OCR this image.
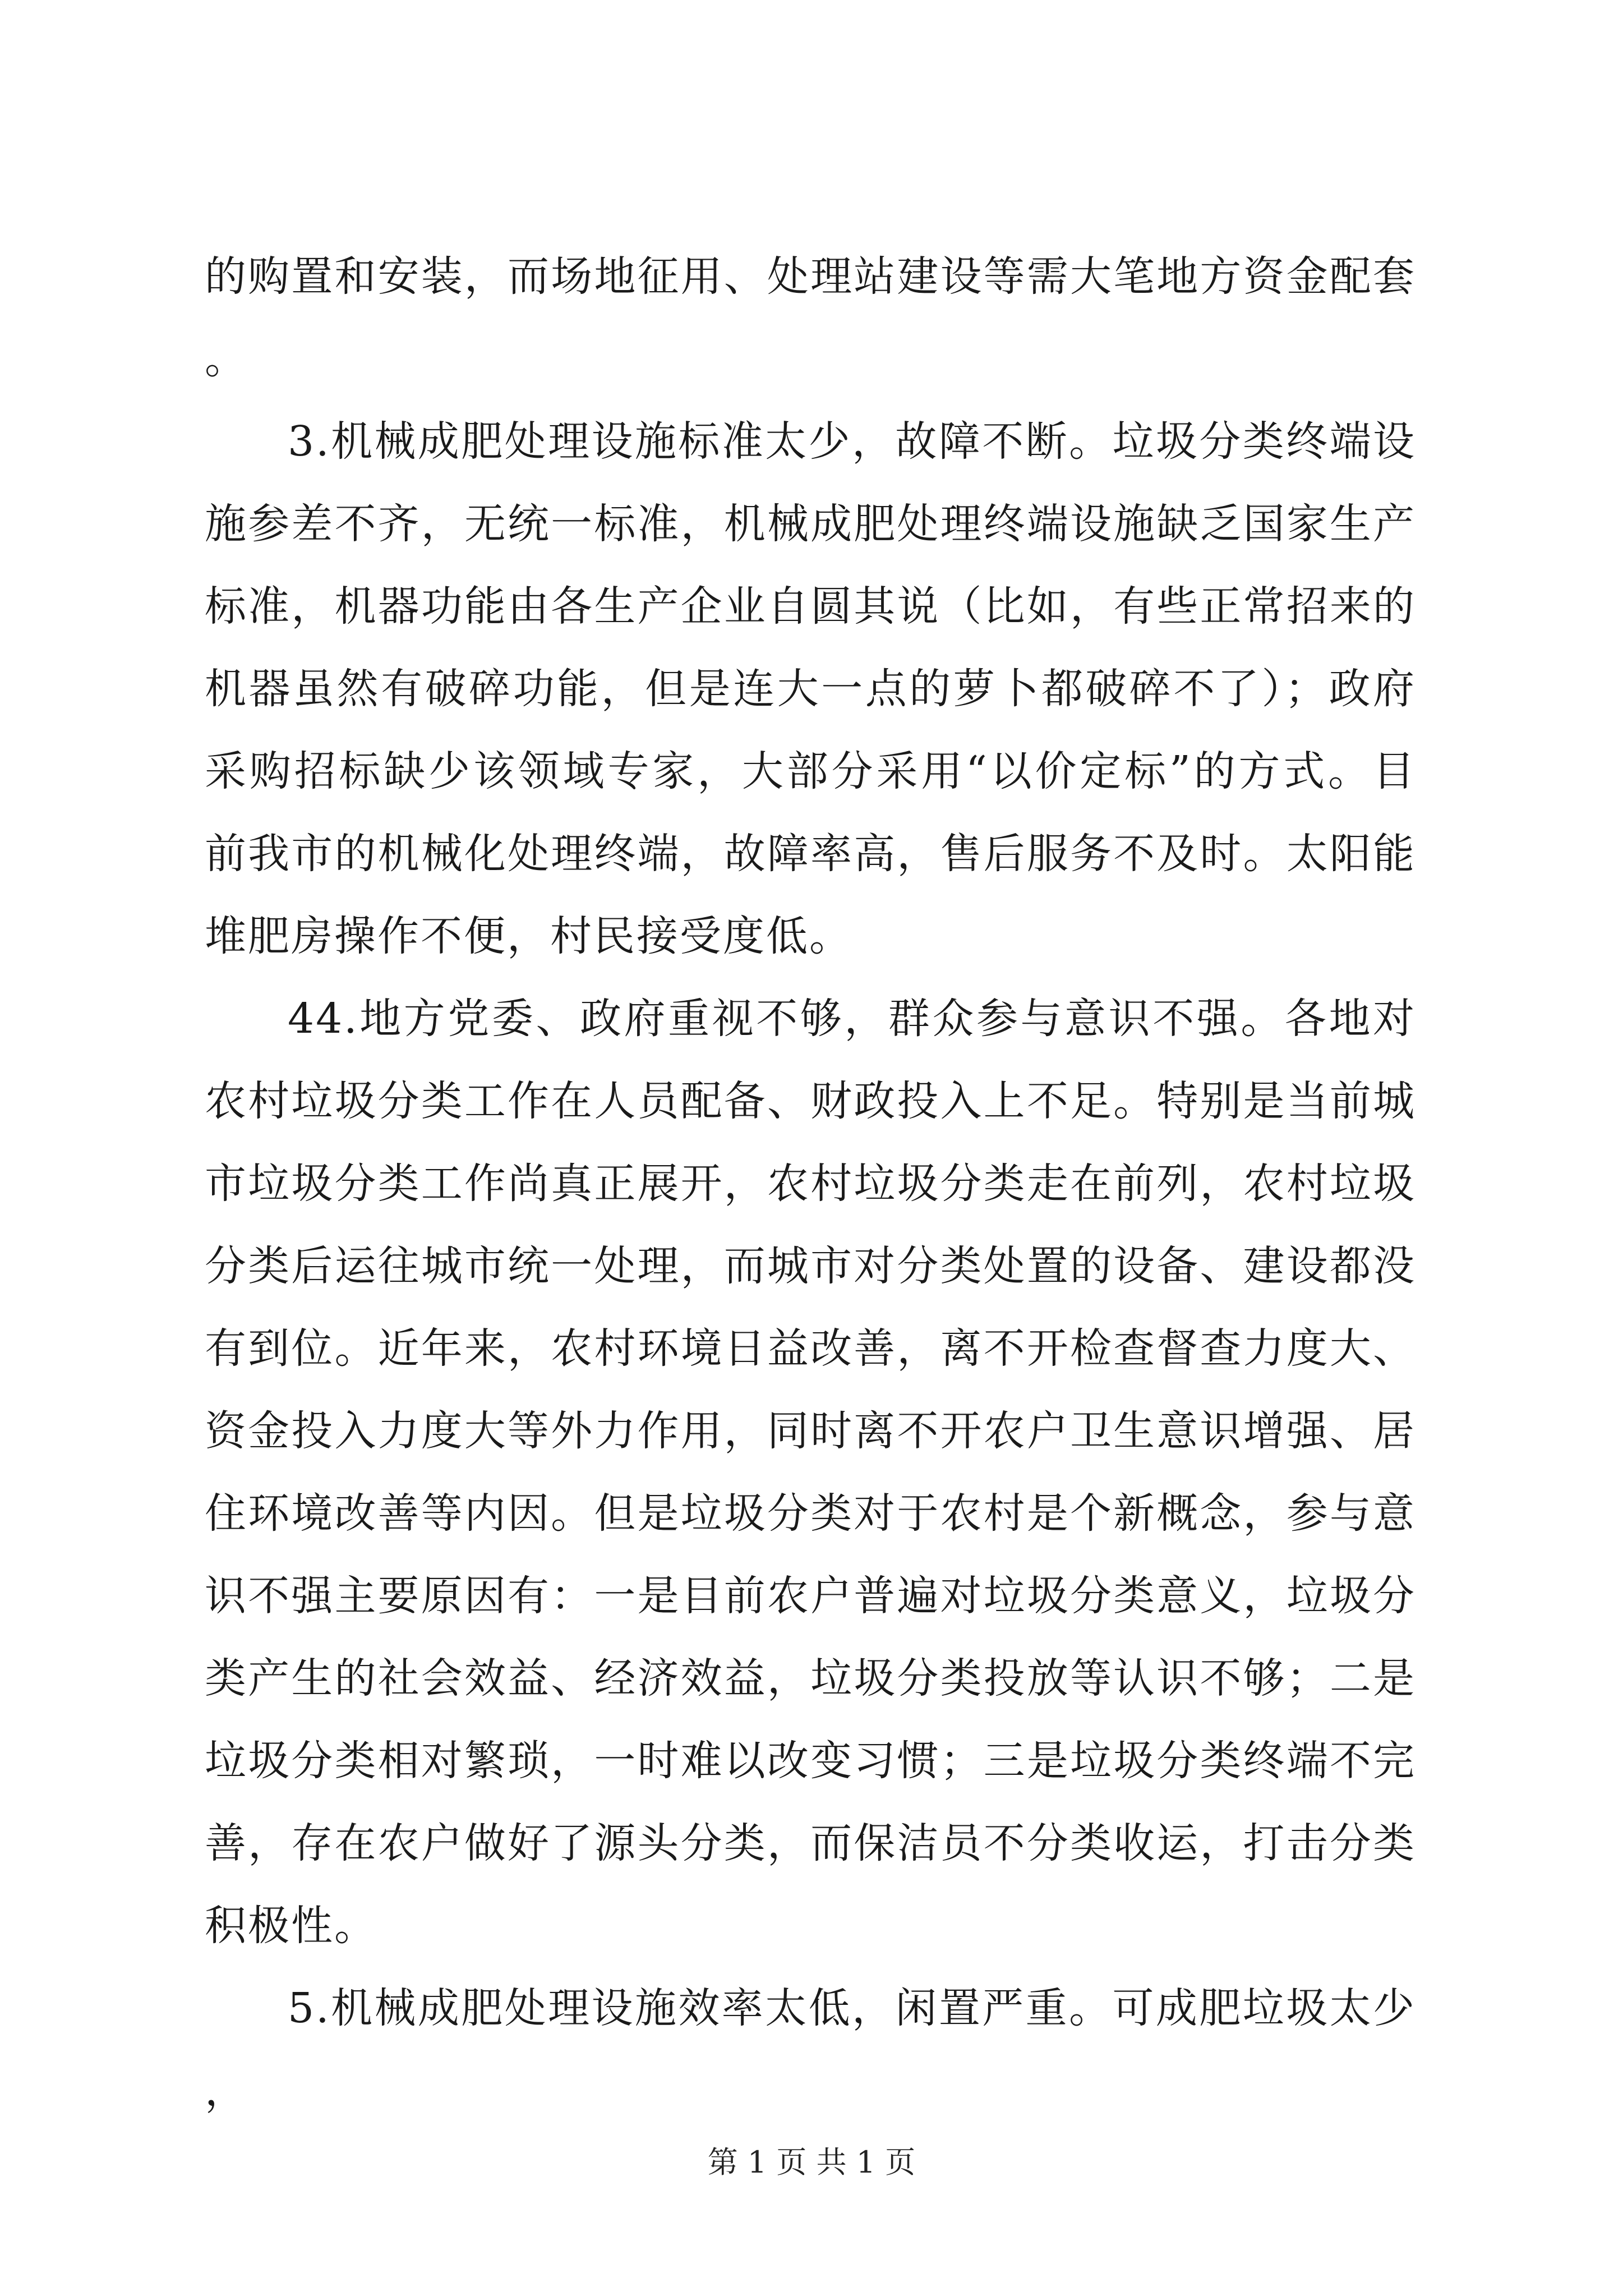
的购置和安装，而场地征用、处理站建设等需大笔地方资金配套。

3.机械成肥处理设施标准太少，故障不断。垃圾分类终端设施参差不齐，无统一标准，机械成肥处理终端设施缺乏国家生产标准，机器功能由各生产企业自圆其说（比如，有些正常招来的机器虽然有破碎功能，但是连大一点的萝卜都破碎不了）；政府采购招标缺少该领域专家，大部分采用“以价定标”的方式。目前我市的机械化处理终端，故障率高，售后服务不及时。太阳能堆肥房操作不便，村民接受度低。

44.地方党委、政府重视不够，群众参与意识不强。各地对农村垃圾分类工作在人员配备、财政投入上不足。特别是当前城市垃圾分类工作尚真正展开，农村垃圾分类走在前列，农村垃圾分类后运往城市统一处理，而城市对分类处置的设备、建设都没有到位。近年来，农村环境日益改善，离不开检查督查力度大、资金投入力度大等外力作用，同时离不开农户卫生意识增强、居住环境改善等内因。但是垃圾分类对于农村是个新概念，参与意识不强主要原因有：一是目前农户普遍对垃圾分类意义，垃圾分类产生的社会效益、经济效益，垃圾分类投放等认识不够；二是垃圾分类相对繁琐，一时难以改变习惯；三是垃圾分类终端不完善，存在农户做好了源头分类，而保洁员不分类收运，打击分类积极性。

5.机械成肥处理设施效率太低，闲置严重。可成肥垃圾太少，

第 1 页 共 1 页
